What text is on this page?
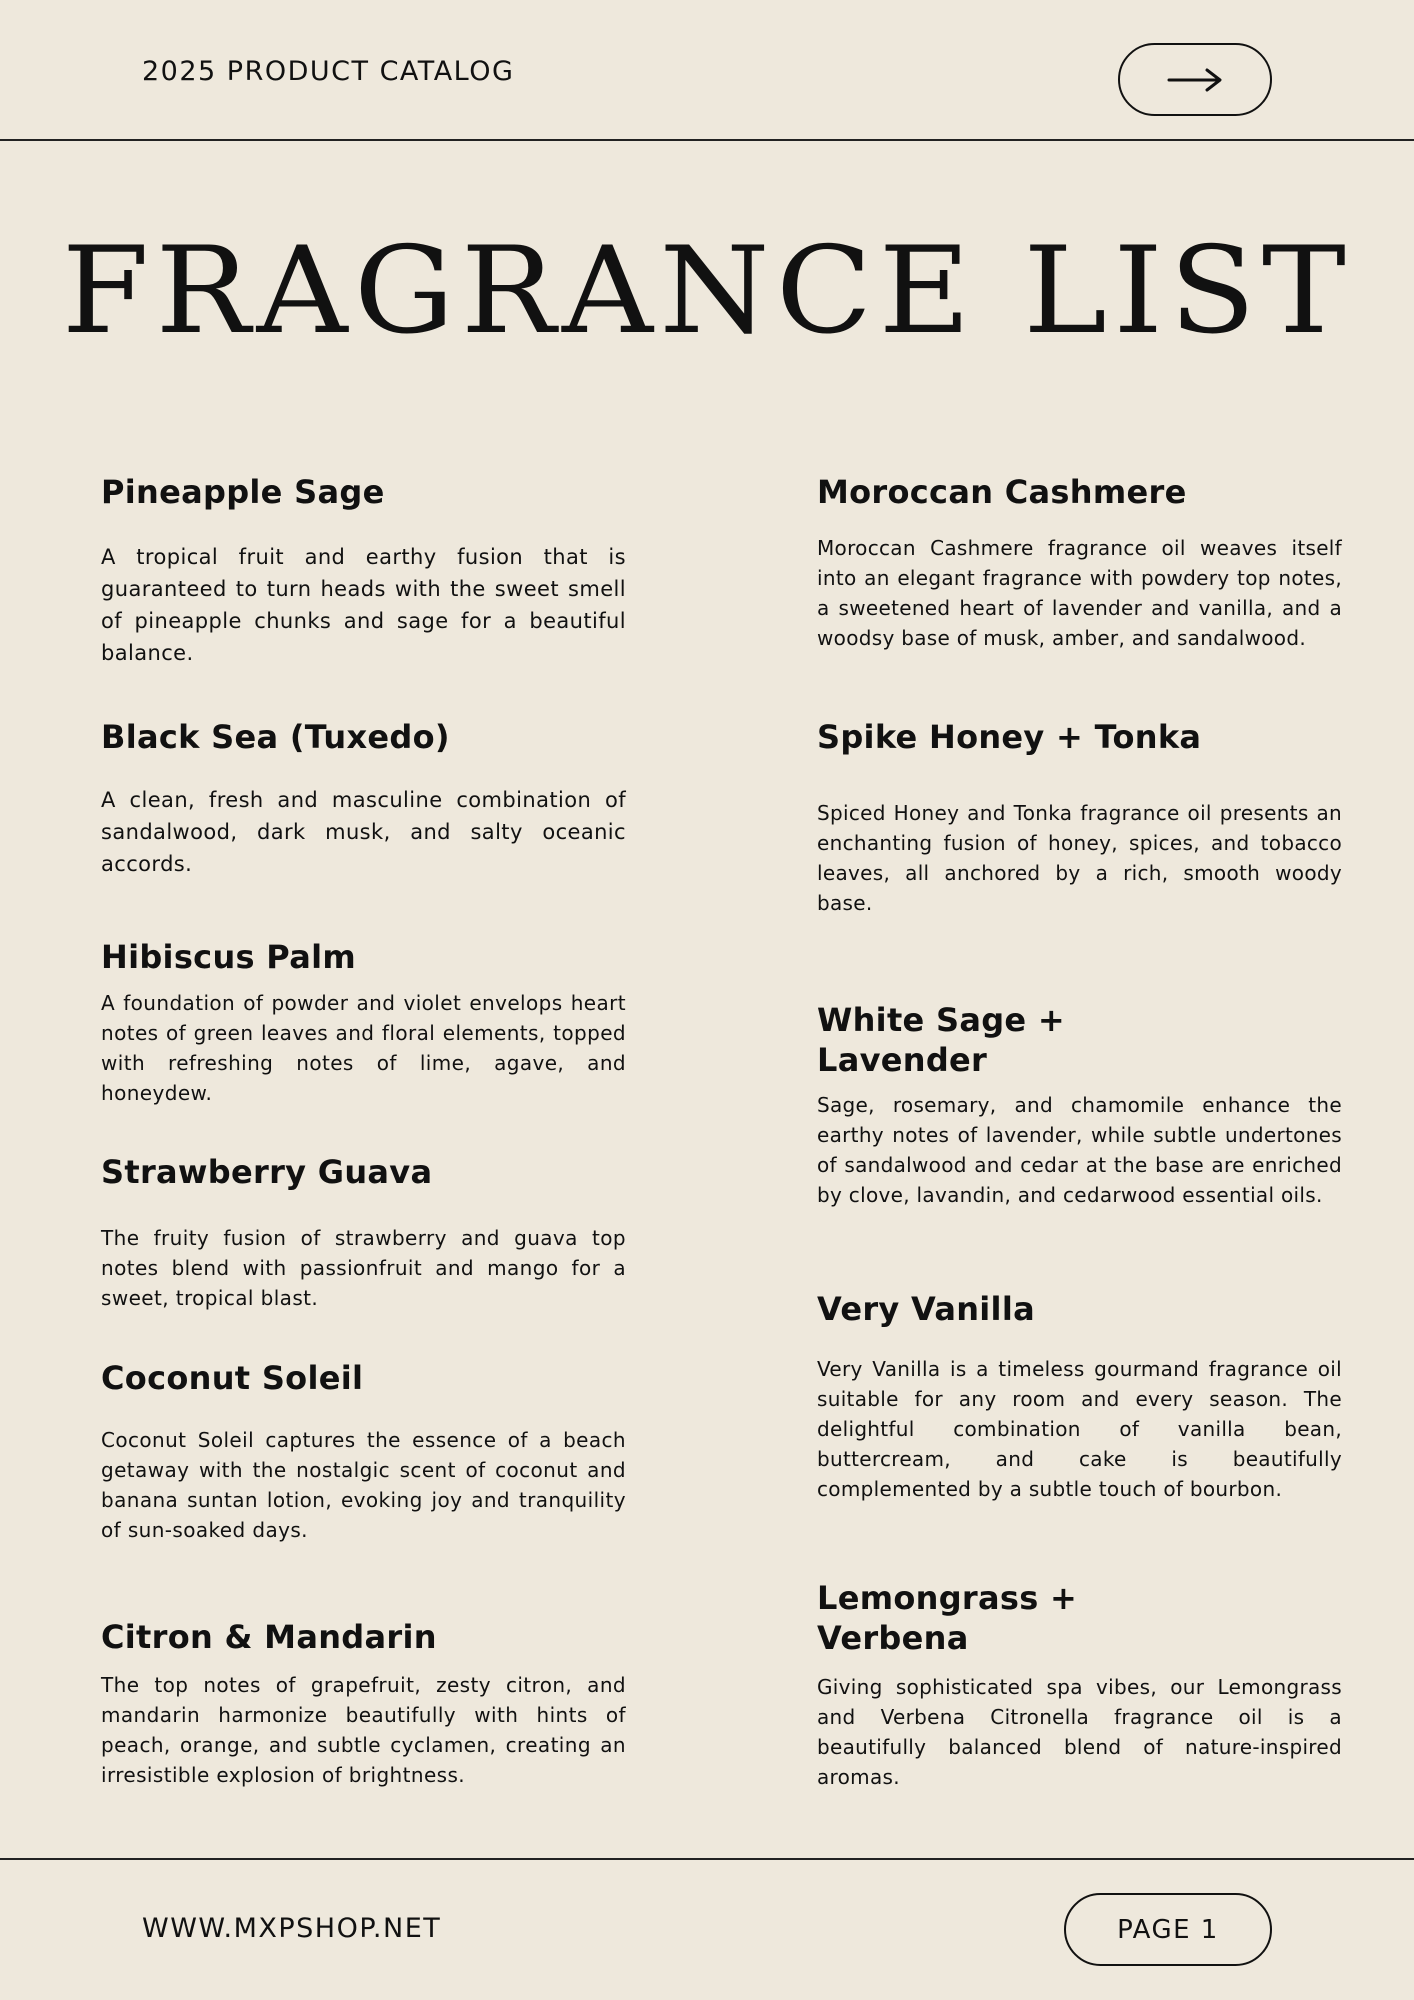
2025 PRODUCT CATALOG
FRAGRANCE LIST
Pineapple Sage

A tropical fruit and earthy fusion that is guaranteed to turn heads with the sweet smell of pineapple chunks and sage for a beautiful balance.

Black Sea (Tuxedo)

A clean, fresh and masculine combination of sandalwood, dark musk, and salty oceanic accords.

Hibiscus Palm

A foundation of powder and violet envelops heart notes of green leaves and floral elements, topped with refreshing notes of lime, agave, and honeydew.

Strawberry Guava

The fruity fusion of strawberry and guava top notes blend with passionfruit and mango for a sweet, tropical blast.

Coconut Soleil

Coconut Soleil captures the essence of a beach getaway with the nostalgic scent of coconut and banana suntan lotion, evoking joy and tranquility of sun-soaked days.

Citron & Mandarin

The top notes of grapefruit, zesty citron, and mandarin harmonize beautifully with hints of peach, orange, and subtle cyclamen, creating an irresistible explosion of brightness.

Moroccan Cashmere

Moroccan Cashmere fragrance oil weaves itself into an elegant fragrance with powdery top notes, a sweetened heart of lavender and vanilla, and a woodsy base of musk, amber, and sandalwood.

Spike Honey + Tonka

Spiced Honey and Tonka fragrance oil presents an enchanting fusion of honey, spices, and tobacco leaves, all anchored by a rich, smooth woody base.

White Sage +
Lavender

Sage, rosemary, and chamomile enhance the earthy notes of lavender, while subtle undertones of sandalwood and cedar at the base are enriched by clove, lavandin, and cedarwood essential oils.

Very Vanilla

Very Vanilla is a timeless gourmand fragrance oil suitable for any room and every season. The delightful combination of vanilla bean, buttercream, and cake is beautifully complemented by a subtle touch of bourbon.

Lemongrass +
Verbena

Giving sophisticated spa vibes, our Lemongrass and Verbena Citronella fragrance oil is a beautifully balanced blend of nature-inspired aromas.

WWW.MXPSHOP.NET	PAGE 1
